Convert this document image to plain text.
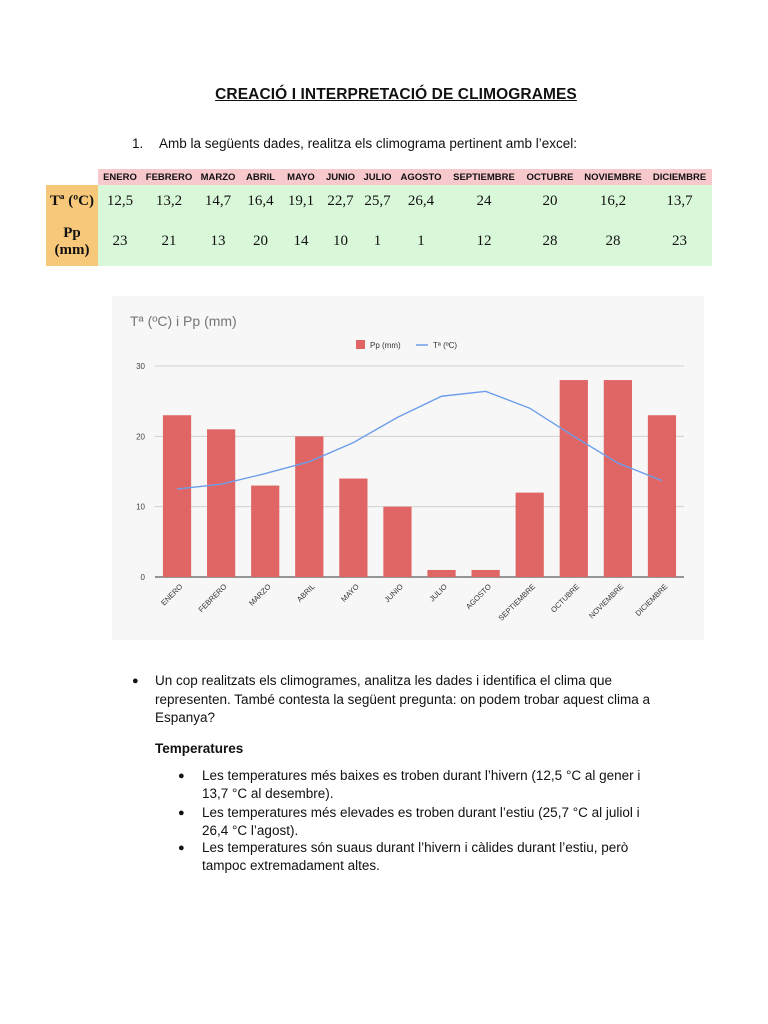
CREACIÓ I INTERPRETACIÓ DE CLIMOGRAMES
1. Amb la següents dades, realitza els climograma pertinent amb l’excel:
	ENERO	FEBRERO	MARZO	ABRIL	MAYO	JUNIO	JULIO	AGOSTO	SEPTIEMBRE	OCTUBRE	NOVIEMBRE	DICIEMBRE
Tª (ºC)	12,5	13,2	14,7	16,4	19,1	22,7	25,7	26,4	24	20	16,2	13,7
Pp
(mm)	23	21	13	20	14	10	1	1	12	28	28	23
Tª (ºC) i Pp (mm)
0
10
20
30
Pp (mm)	Tª (ºC)
ENERO FEBRERO MARZO	ABRIL	MAYO	JUNIO	JULIO AGOSTO SEPTIEMBRE OCTUBRE NOVIEMBRE DICIEMBRE
● Un cop realitzats els climogrames, analitza les dades i identifica el clima que representen. També contesta la següent pregunta: on podem trobar aquest clima a Espanya?
Temperatures
● Les temperatures més baixes es troben durant l’hivern (12,5 °C al gener i 13,7 °C al desembre).
● Les temperatures més elevades es troben durant l’estiu (25,7 °C al juliol i 26,4 °C l’agost).
● Les temperatures són suaus durant l’hivern i càlides durant l’estiu, però tampoc extremadament altes.
